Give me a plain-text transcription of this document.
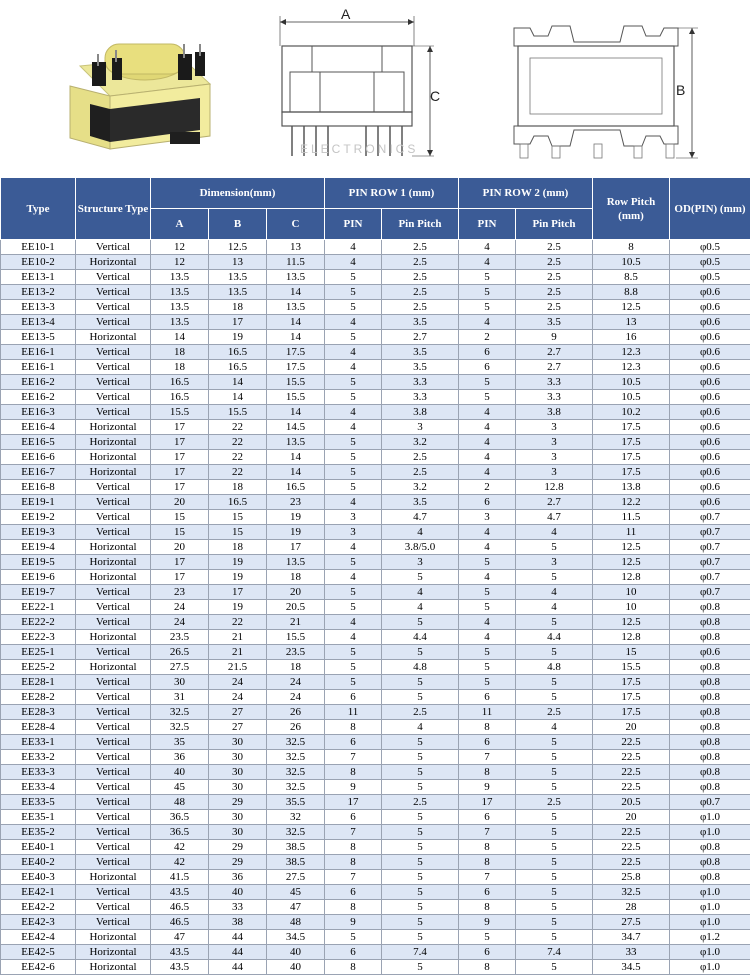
A
C	B
ELECTRONICS
Type	Structure Type	Dimension(mm)			PIN ROW 1 (mm)		PIN ROW 2 (mm)		Row Pitch (mm)	OD(PIN) (mm)
		A	B	C	PIN	Pin Pitch	PIN	Pin Pitch		
EE10-1	Vertical	12	12.5	13	4	2.5	4	2.5	8	φ0.5
EE10-2	Horizontal	12	13	11.5	4	2.5	4	2.5	10.5	φ0.5
EE13-1	Vertical	13.5	13.5	13.5	5	2.5	5	2.5	8.5	φ0.5
EE13-2	Vertical	13.5	13.5	14	5	2.5	5	2.5	8.8	φ0.6
EE13-3	Vertical	13.5	18	13.5	5	2.5	5	2.5	12.5	φ0.6
EE13-4	Vertical	13.5	17	14	4	3.5	4	3.5	13	φ0.6
EE13-5	Horizontal	14	19	14	5	2.7	2	9	16	φ0.6
EE16-1	Vertical	18	16.5	17.5	4	3.5	6	2.7	12.3	φ0.6
EE16-1	Vertical	18	16.5	17.5	4	3.5	6	2.7	12.3	φ0.6
EE16-2	Vertical	16.5	14	15.5	5	3.3	5	3.3	10.5	φ0.6
EE16-2	Vertical	16.5	14	15.5	5	3.3	5	3.3	10.5	φ0.6
EE16-3	Vertical	15.5	15.5	14	4	3.8	4	3.8	10.2	φ0.6
EE16-4	Horizontal	17	22	14.5	4	3	4	3	17.5	φ0.6
EE16-5	Horizontal	17	22	13.5	5	3.2	4	3	17.5	φ0.6
EE16-6	Horizontal	17	22	14	5	2.5	4	3	17.5	φ0.6
EE16-7	Horizontal	17	22	14	5	2.5	4	3	17.5	φ0.6
EE16-8	Vertical	17	18	16.5	5	3.2	2	12.8	13.8	φ0.6
EE19-1	Vertical	20	16.5	23	4	3.5	6	2.7	12.2	φ0.6
EE19-2	Vertical	15	15	19	3	4.7	3	4.7	11.5	φ0.7
EE19-3	Vertical	15	15	19	3	4	4	4	11	φ0.7
EE19-4	Horizontal	20	18	17	4	3.8/5.0	4	5	12.5	φ0.7
EE19-5	Horizontal	17	19	13.5	5	3	5	3	12.5	φ0.7
EE19-6	Horizontal	17	19	18	4	5	4	5	12.8	φ0.7
EE19-7	Vertical	23	17	20	5	4	5	4	10	φ0.7
EE22-1	Vertical	24	19	20.5	5	4	5	4	10	φ0.8
EE22-2	Vertical	24	22	21	4	5	4	5	12.5	φ0.8
EE22-3	Horizontal	23.5	21	15.5	4	4.4	4	4.4	12.8	φ0.8
EE25-1	Vertical	26.5	21	23.5	5	5	5	5	15	φ0.6
EE25-2	Horizontal	27.5	21.5	18	5	4.8	5	4.8	15.5	φ0.8
EE28-1	Vertical	30	24	24	5	5	5	5	17.5	φ0.8
EE28-2	Vertical	31	24	24	6	5	6	5	17.5	φ0.8
EE28-3	Vertical	32.5	27	26	11	2.5	11	2.5	17.5	φ0.8
EE28-4	Vertical	32.5	27	26	8	4	8	4	20	φ0.8
EE33-1	Vertical	35	30	32.5	6	5	6	5	22.5	φ0.8
EE33-2	Vertical	36	30	32.5	7	5	7	5	22.5	φ0.8
EE33-3	Vertical	40	30	32.5	8	5	8	5	22.5	φ0.8
EE33-4	Vertical	45	30	32.5	9	5	9	5	22.5	φ0.8
EE33-5	Vertical	48	29	35.5	17	2.5	17	2.5	20.5	φ0.7
EE35-1	Vertical	36.5	30	32	6	5	6	5	20	φ1.0
EE35-2	Vertical	36.5	30	32.5	7	5	7	5	22.5	φ1.0
EE40-1	Vertical	42	29	38.5	8	5	8	5	22.5	φ0.8
EE40-2	Vertical	42	29	38.5	8	5	8	5	22.5	φ0.8
EE40-3	Horizontal	41.5	36	27.5	7	5	7	5	25.8	φ0.8
EE42-1	Vertical	43.5	40	45	6	5	6	5	32.5	φ1.0
EE42-2	Vertical	46.5	33	47	8	5	8	5	28	φ1.0
EE42-3	Vertical	46.5	38	48	9	5	9	5	27.5	φ1.0
EE42-4	Horizontal	47	44	34.5	5	5	5	5	34.7	φ1.2
EE42-5	Horizontal	43.5	44	40	6	7.4	6	7.4	33	φ1.0
EE42-6	Horizontal	43.5	44	40	8	5	8	5	34.5	φ1.0
